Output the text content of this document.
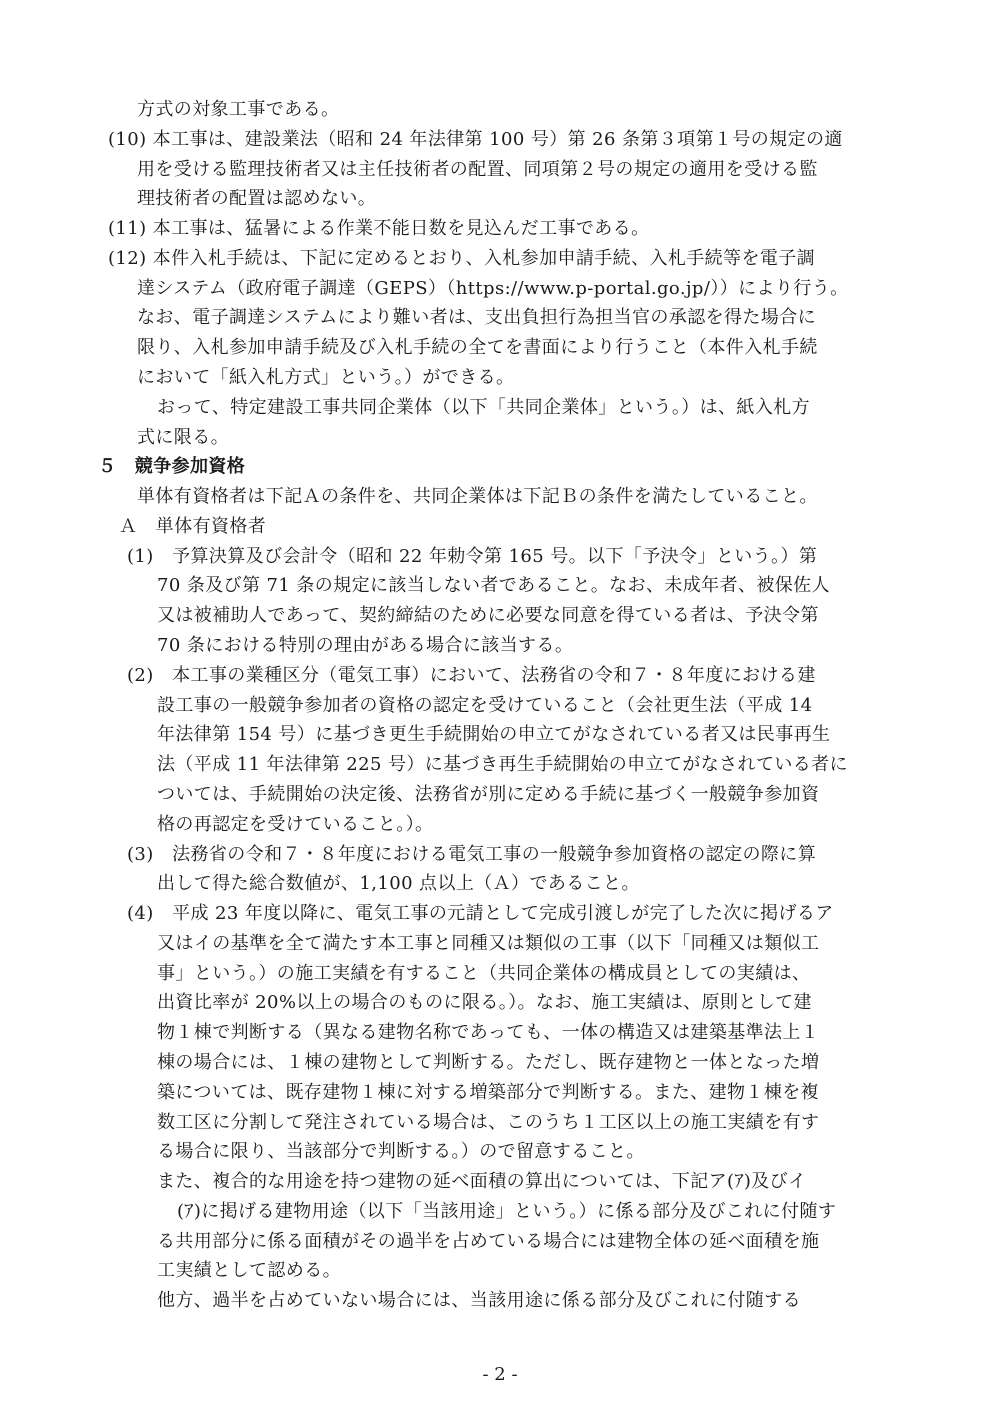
方式の対象工事である。
(10) 本工事は、建設業法（昭和 24 年法律第 100 号）第 26 条第３項第１号の規定の適
用を受ける監理技術者又は主任技術者の配置、同項第２号の規定の適用を受ける監
理技術者の配置は認めない。
(11) 本工事は、猛暑による作業不能日数を見込んだ工事である。
(12) 本件入札手続は、下記に定めるとおり、入札参加申請手続、入札手続等を電子調
達システム（政府電子調達（GEPS）（https://www.p-portal.go.jp/））により行う。
なお、電子調達システムにより難い者は、支出負担行為担当官の承認を得た場合に
限り、入札参加申請手続及び入札手続の全てを書面により行うこと（本件入札手続
において「紙入札方式」という。）ができる。
おって、特定建設工事共同企業体（以下「共同企業体」という。）は、紙入札方
式に限る。
５　競争参加資格
単体有資格者は下記Ａの条件を、共同企業体は下記Ｂの条件を満たしていること。
Ａ　単体有資格者
(1)　予算決算及び会計令（昭和 22 年勅令第 165 号。以下「予決令」という。）第
70 条及び第 71 条の規定に該当しない者であること。なお、未成年者、被保佐人
又は被補助人であって、契約締結のために必要な同意を得ている者は、予決令第
70 条における特別の理由がある場合に該当する。
(2)　本工事の業種区分（電気工事）において、法務省の令和７・８年度における建
設工事の一般競争参加者の資格の認定を受けていること（会社更生法（平成 14
年法律第 154 号）に基づき更生手続開始の申立てがなされている者又は民事再生
法（平成 11 年法律第 225 号）に基づき再生手続開始の申立てがなされている者に
ついては、手続開始の決定後、法務省が別に定める手続に基づく一般競争参加資
格の再認定を受けていること。）。
(3)　法務省の令和７・８年度における電気工事の一般競争参加資格の認定の際に算
出して得た総合数値が、1,100 点以上（Ａ）であること。
(4)　平成 23 年度以降に、電気工事の元請として完成引渡しが完了した次に掲げるア
又はイの基準を全て満たす本工事と同種又は類似の工事（以下「同種又は類似工
事」という。）の施工実績を有すること（共同企業体の構成員としての実績は、
出資比率が 20%以上の場合のものに限る。）。なお、施工実績は、原則として建
物１棟で判断する（異なる建物名称であっても、一体の構造又は建築基準法上１
棟の場合には、１棟の建物として判断する。ただし、既存建物と一体となった増
築については、既存建物１棟に対する増築部分で判断する。また、建物１棟を複
数工区に分割して発注されている場合は、このうち１工区以上の施工実績を有す
る場合に限り、当該部分で判断する。）ので留意すること。
また、複合的な用途を持つ建物の延べ面積の算出については、下記ア(ｱ)及びイ
(ｱ)に掲げる建物用途（以下「当該用途」という。）に係る部分及びこれに付随す
る共用部分に係る面積がその過半を占めている場合には建物全体の延べ面積を施
工実績として認める。
他方、過半を占めていない場合には、当該用途に係る部分及びこれに付随する
- 2 -
